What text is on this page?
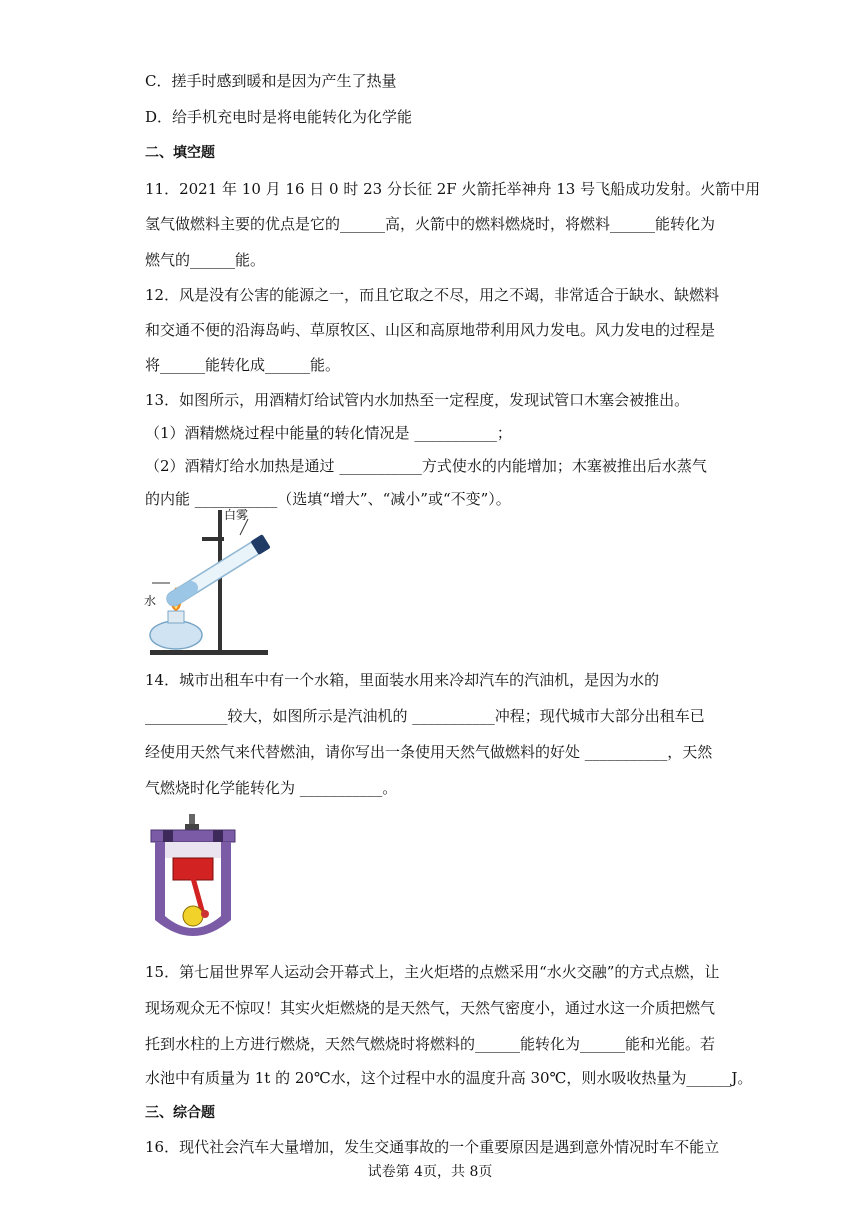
C．搓手时感到暖和是因为产生了热量
D．给手机充电时是将电能转化为化学能
二、填空题
11．2021 年 10 月 16 日 0 时 23 分长征 2F 火箭托举神舟 13 号飞船成功发射。火箭中用
氢气做燃料主要的优点是它的______高，火箭中的燃料燃烧时，将燃料______能转化为
燃气的______能。
12．风是没有公害的能源之一，而且它取之不尽，用之不竭，非常适合于缺水、缺燃料
和交通不便的沿海岛屿、草原牧区、山区和高原地带利用风力发电。风力发电的过程是
将______能转化成______能。
13．如图所示，用酒精灯给试管内水加热至一定程度，发现试管口木塞会被推出。
（1）酒精燃烧过程中能量的转化情况是 ___________；
（2）酒精灯给水加热是通过 ___________方式使水的内能增加；木塞被推出后水蒸气
的内能 ___________（选填“增大”、“减小”或“不变”）。
白雾
水
14．城市出租车中有一个水箱，里面装水用来冷却汽车的汽油机，是因为水的
___________较大，如图所示是汽油机的 ___________冲程；现代城市大部分出租车已
经使用天然气来代替燃油，请你写出一条使用天然气做燃料的好处 ___________，天然
气燃烧时化学能转化为 ___________。
15．第七届世界军人运动会开幕式上，主火炬塔的点燃采用“水火交融”的方式点燃，让
现场观众无不惊叹！其实火炬燃烧的是天然气，天然气密度小，通过水这一介质把燃气
托到水柱的上方进行燃烧，天然气燃烧时将燃料的______能转化为______能和光能。若
水池中有质量为 1t 的 20℃水，这个过程中水的温度升高 30℃，则水吸收热量为______J。
三、综合题
16．现代社会汽车大量增加，发生交通事故的一个重要原因是遇到意外情况时车不能立
试卷第 4页，共 8页
